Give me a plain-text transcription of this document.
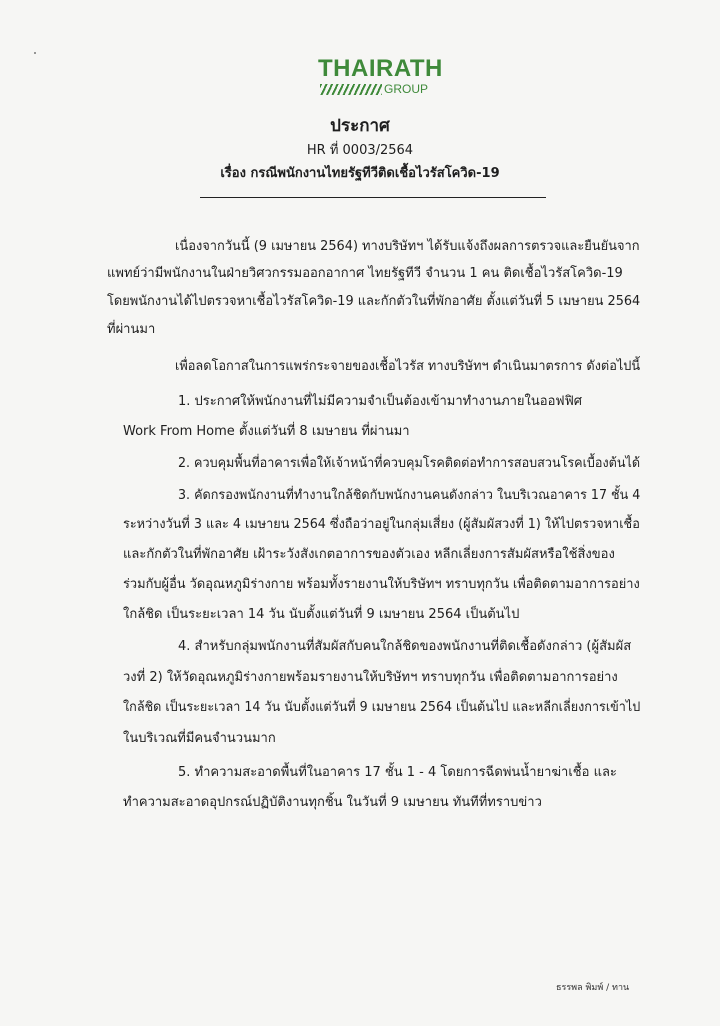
THAIRATH
GROUP
ประกาศ
HR ที่ 0003/2564
เรื่อง กรณีพนักงานไทยรัฐทีวีติดเชื้อไวรัสโควิด-19
เนื่องจากวันนี้ (9 เมษายน 2564) ทางบริษัทฯ ได้รับแจ้งถึงผลการตรวจและยืนยันจาก
แพทย์ว่ามีพนักงานในฝ่ายวิศวกรรมออกอากาศ ไทยรัฐทีวี จำนวน 1 คน ติดเชื้อไวรัสโควิด-19
โดยพนักงานได้ไปตรวจหาเชื้อไวรัสโควิด-19 และกักตัวในที่พักอาศัย ตั้งแต่วันที่ 5 เมษายน 2564
ที่ผ่านมา
เพื่อลดโอกาสในการแพร่กระจายของเชื้อไวรัส ทางบริษัทฯ ดำเนินมาตรการ ดังต่อไปนี้
1. ประกาศให้พนักงานที่ไม่มีความจำเป็นต้องเข้ามาทำงานภายในออฟฟิศ
Work From Home ตั้งแต่วันที่ 8 เมษายน ที่ผ่านมา
2. ควบคุมพื้นที่อาคารเพื่อให้เจ้าหน้าที่ควบคุมโรคติดต่อทำการสอบสวนโรคเบื้องต้นได้
3. คัดกรองพนักงานที่ทำงานใกล้ชิดกับพนักงานคนดังกล่าว ในบริเวณอาคาร 17 ชั้น 4
ระหว่างวันที่ 3 และ 4 เมษายน 2564 ซึ่งถือว่าอยู่ในกลุ่มเสี่ยง (ผู้สัมผัสวงที่ 1) ให้ไปตรวจหาเชื้อ
และกักตัวในที่พักอาศัย เฝ้าระวังสังเกตอาการของตัวเอง หลีกเลี่ยงการสัมผัสหรือใช้สิ่งของ
ร่วมกับผู้อื่น วัดอุณหภูมิร่างกาย พร้อมทั้งรายงานให้บริษัทฯ ทราบทุกวัน เพื่อติดตามอาการอย่าง
ใกล้ชิด เป็นระยะเวลา 14 วัน นับตั้งแต่วันที่ 9 เมษายน 2564 เป็นต้นไป
4. สำหรับกลุ่มพนักงานที่สัมผัสกับคนใกล้ชิดของพนักงานที่ติดเชื้อดังกล่าว (ผู้สัมผัส
วงที่ 2) ให้วัดอุณหภูมิร่างกายพร้อมรายงานให้บริษัทฯ ทราบทุกวัน เพื่อติดตามอาการอย่าง
ใกล้ชิด เป็นระยะเวลา 14 วัน นับตั้งแต่วันที่ 9 เมษายน 2564 เป็นต้นไป และหลีกเลี่ยงการเข้าไป
ในบริเวณที่มีคนจำนวนมาก
5. ทำความสะอาดพื้นที่ในอาคาร 17 ชั้น 1 - 4 โดยการฉีดพ่นน้ำยาฆ่าเชื้อ และ
ทำความสะอาดอุปกรณ์ปฏิบัติงานทุกชิ้น ในวันที่ 9 เมษายน ทันทีที่ทราบข่าว
ธรรพล พิมพ์ / ทาน
